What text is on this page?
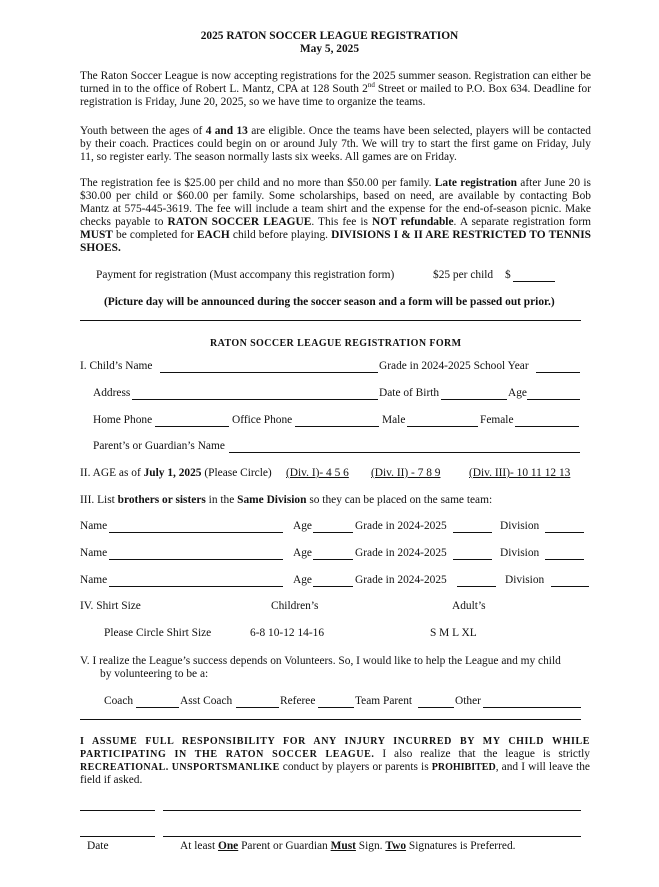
2025 RATON SOCCER LEAGUE REGISTRATION
May 5, 2025
The Raton Soccer League is now accepting registrations for the 2025 summer season. Registration can either be turned in to the office of Robert L. Mantz, CPA at 128 South 2nd Street or mailed to P.O. Box 634. Deadline for registration is Friday, June 20, 2025, so we have time to organize the teams.
Youth between the ages of 4 and 13 are eligible. Once the teams have been selected, players will be contacted by their coach. Practices could begin on or around July 7th. We will try to start the first game on Friday, July 11, so register early. The season normally lasts six weeks. All games are on Friday.
The registration fee is $25.00 per child and no more than $50.00 per family. Late registration after June 20 is $30.00 per child or $60.00 per family. Some scholarships, based on need, are available by contacting Bob Mantz at 575-445-3619. The fee will include a team shirt and the expense for the end-of-season picnic. Make checks payable to RATON SOCCER LEAGUE. This fee is NOT refundable. A separate registration form MUST be completed for EACH child before playing. DIVISIONS I & II ARE RESTRICTED TO TENNIS SHOES.
Payment for registration (Must accompany this registration form)	$25 per child $
(Picture day will be announced during the soccer season and a form will be passed out prior.)
RATON SOCCER LEAGUE REGISTRATION FORM
I. Child’s Name	Grade in 2024-2025 School Year
Address	Date of Birth	Age
Home Phone	Office Phone	Male	Female
Parent’s or Guardian’s Name
II. AGE as of July 1, 2025 (Please Circle) (Div. I)- 4 5 6 (Div. II) - 7 8 9	(Div. III)- 10 11 12 13
III. List brothers or sisters in the Same Division so they can be placed on the same team:
Name	Age	Grade in 2024-2025	Division
Name	Age	Grade in 2024-2025	Division
Name	Age	Grade in 2024-2025	Division
IV. Shirt Size	Children’s	Adult’s
Please Circle Shirt Size	6-8 10-12 14-16	S M L XL
V. I realize the League’s success depends on Volunteers. So, I would like to help the League and my child
by volunteering to be a:
Coach	Asst Coach	Referee	Team Parent	Other
I ASSUME FULL RESPONSIBILITY FOR ANY INJURY INCURRED BY MY CHILD WHILE PARTICIPATING IN THE RATON SOCCER LEAGUE. I also realize that the league is strictly RECREATIONAL. UNSPORTSMANLIKE conduct by players or parents is PROHIBITED, and I will leave the field if asked.
Date	At least One Parent or Guardian Must Sign. Two Signatures is Preferred.
